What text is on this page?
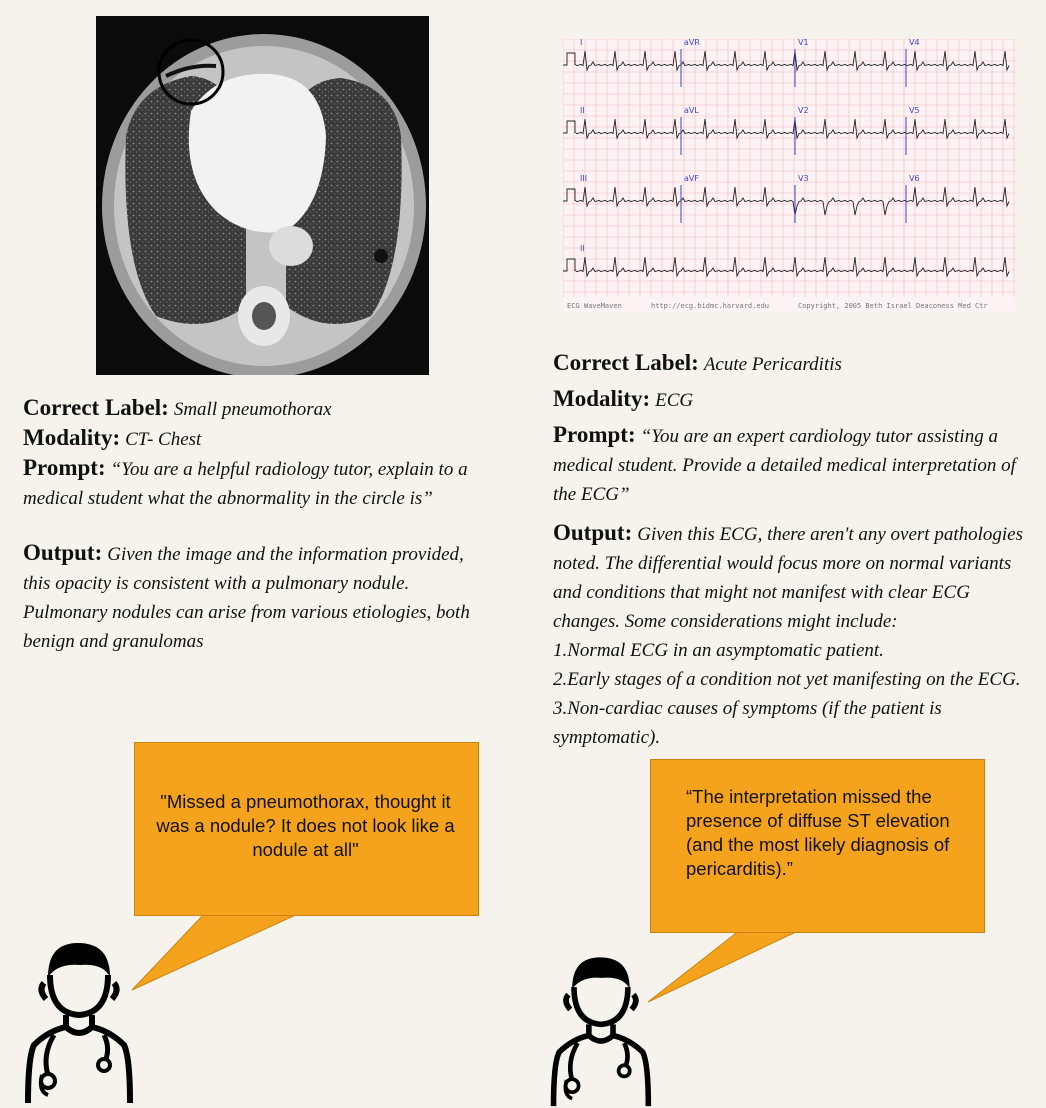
I	aVR	V1	V4
II	aVL	V2	V5
III	aVF	V3	V6
II
ECG WaveMaven	http://ecg.bidmc.harvard.edu	Copyright, 2005 Beth Israel Deaconess Med Ctr

Correct Label: Small pneumothorax

Modality: CT- Chest

Prompt: “You are a helpful radiology tutor, explain to a

medical student what the abnormality in the circle is”

Output: Given the image and the information provided,

this opacity is consistent with a pulmonary nodule.

Pulmonary nodules can arise from various etiologies, both

benign and granulomas

Correct Label: Acute Pericarditis

Modality: ECG

Prompt: “You are an expert cardiology tutor assisting a

medical student. Provide a detailed medical interpretation of

the ECG”

Output: Given this ECG, there aren't any overt pathologies

noted. The differential would focus more on normal variants

and conditions that might not manifest with clear ECG

changes. Some considerations might include:

1.Normal ECG in an asymptomatic patient.

2.Early stages of a condition not yet manifesting on the ECG.

3.Non-cardiac causes of symptoms (if the patient is

symptomatic).

"Missed a pneumothorax, thought it
was a nodule? It does not look like a
nodule at all"
“The interpretation missed the
presence of diffuse ST elevation
(and the most likely diagnosis of
pericarditis).”
